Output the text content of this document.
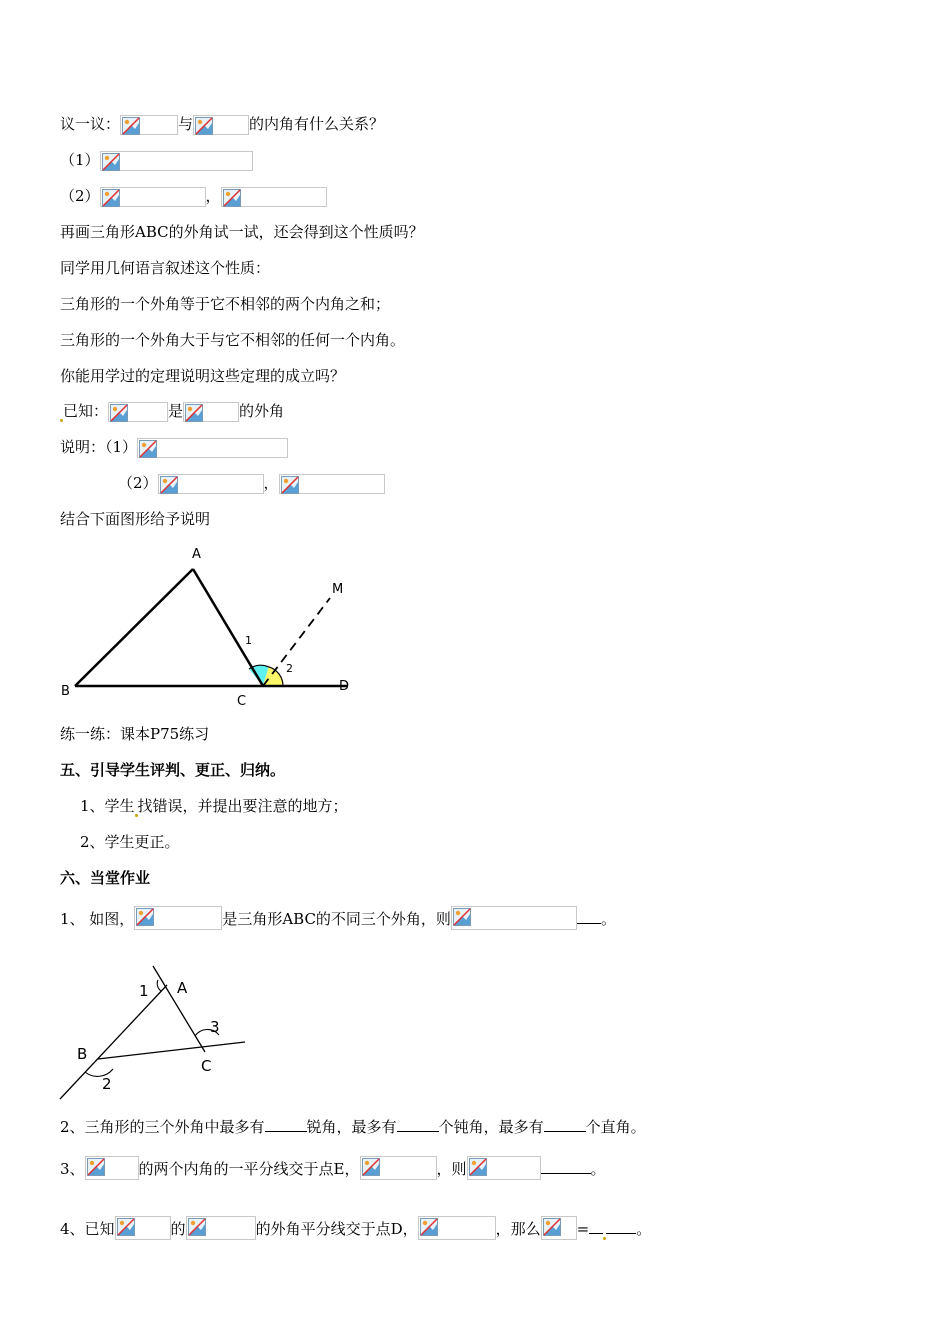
议一议：	与	的内角有什么关系？
（1）
（2）	，
再画三角形ABC的外角试一试，还会得到这个性质吗？
同学用几何语言叙述这个性质：
三角形的一个外角等于它不相邻的两个内角之和；
三角形的一个外角大于与它不相邻的任何一个内角。
你能用学过的定理说明这些定理的成立吗？
已知：	是	的外角
说明：（1）
（2）	，
结合下面图形给予说明
A
B
C
D
M
1
2
练一练：课本P75练习
五、引导学生评判、更正、归纳。
1、学生 找错误，并提出要注意的地方；
2、学生更正。
六、当堂作业
1、 如图，	是三角形ABC的不同三个外角，则	。
1 A
3
B
C
2
2、三角形的三个外角中最多有	锐角，最多有	个钝角，最多有	个直角。
3、	的两个内角的一平分线交于点E，	，则	。
4、已知	的	的外角平分线交于点D，	，那么 =	。
